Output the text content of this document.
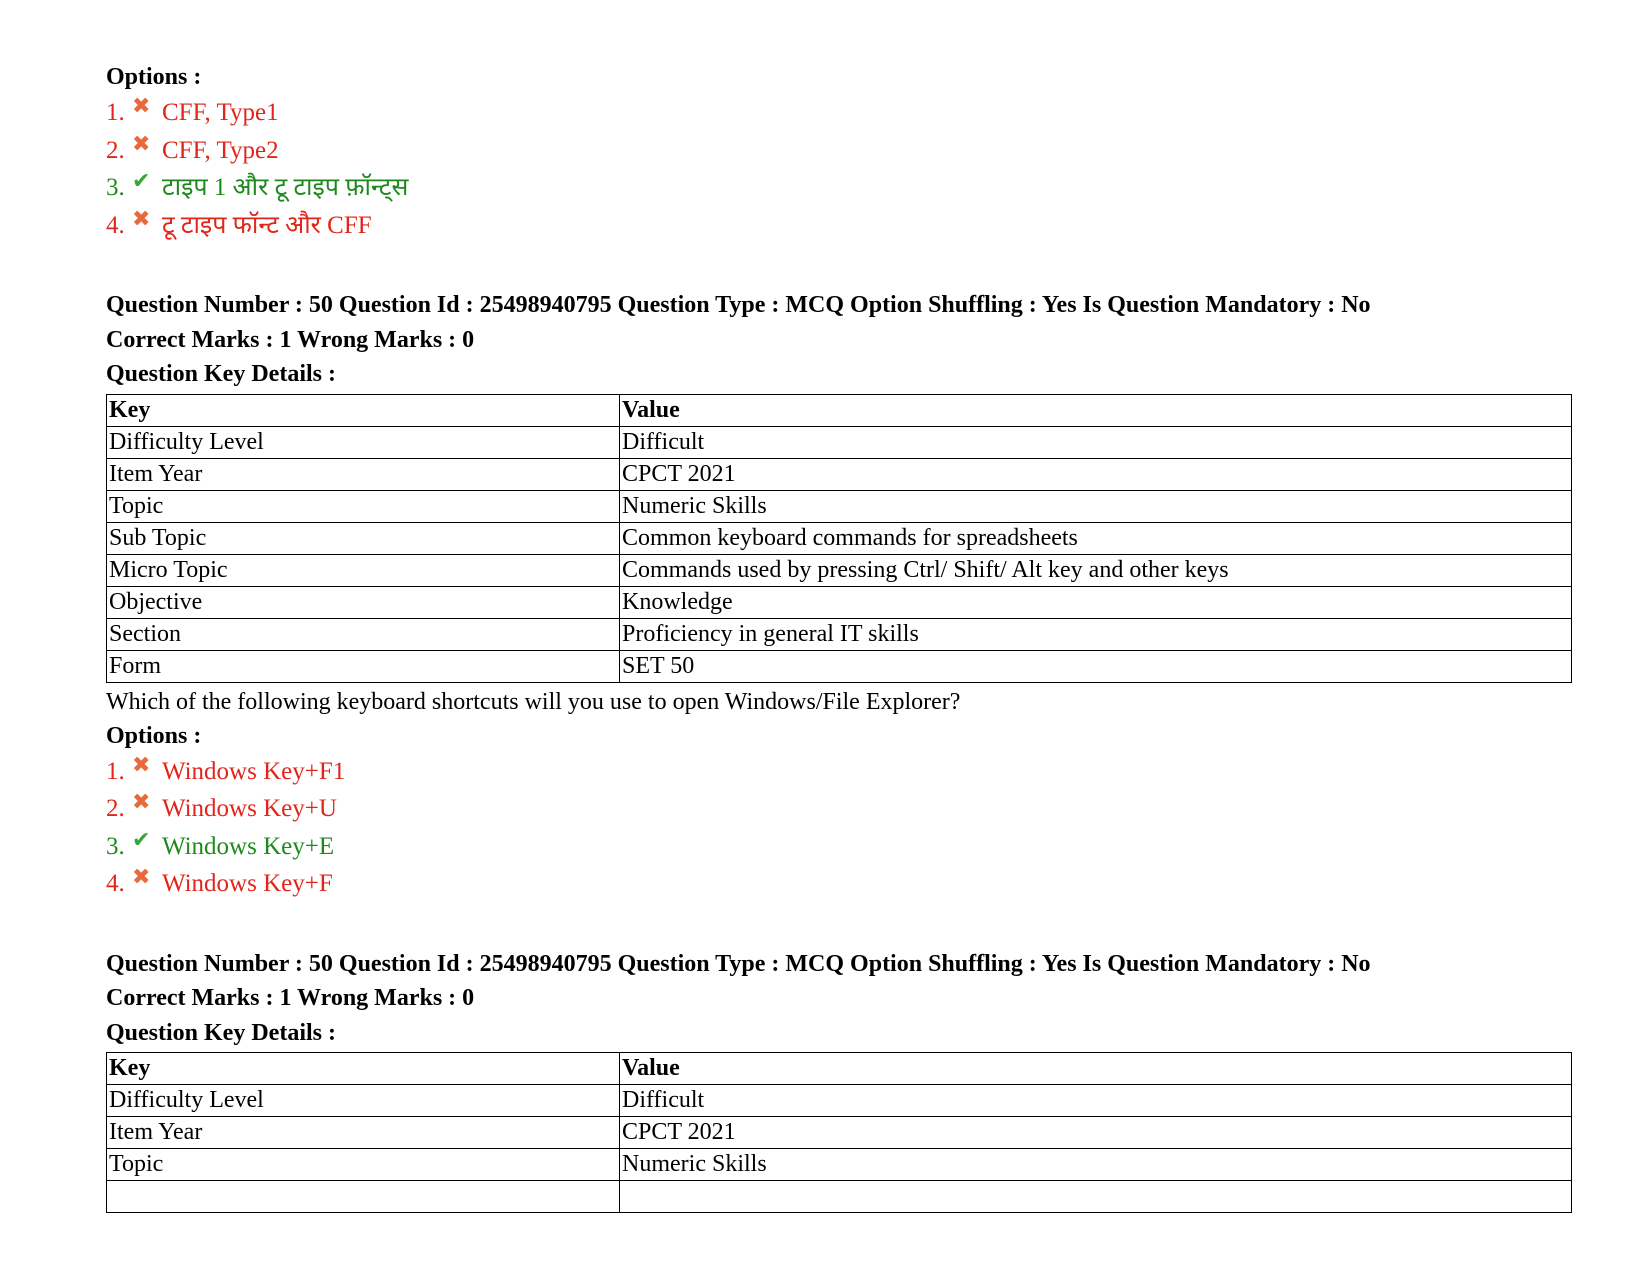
Options :
1. ✖ CFF, Type1
2. ✖ CFF, Type2
3. ✔ टाइप 1 और टू टाइप फ़ॉन्ट्स
4. ✖ टू टाइप फॉन्ट और CFF
Question Number : 50 Question Id : 25498940795 Question Type : MCQ Option Shuffling : Yes Is Question Mandatory : No
Correct Marks : 1 Wrong Marks : 0
Question Key Details :
Key	Value
Difficulty Level	Difficult
Item Year	CPCT 2021
Topic	Numeric Skills
Sub Topic	Common keyboard commands for spreadsheets
Micro Topic	Commands used by pressing Ctrl/ Shift/ Alt key and other keys
Objective	Knowledge
Section	Proficiency in general IT skills
Form	SET 50
Which of the following keyboard shortcuts will you use to open Windows/File Explorer?
Options :
1. ✖ Windows Key+F1
2. ✖ Windows Key+U
3. ✔ Windows Key+E
4. ✖ Windows Key+F
Question Number : 50 Question Id : 25498940795 Question Type : MCQ Option Shuffling : Yes Is Question Mandatory : No
Correct Marks : 1 Wrong Marks : 0
Question Key Details :
Key	Value
Difficulty Level	Difficult
Item Year	CPCT 2021
Topic	Numeric Skills
